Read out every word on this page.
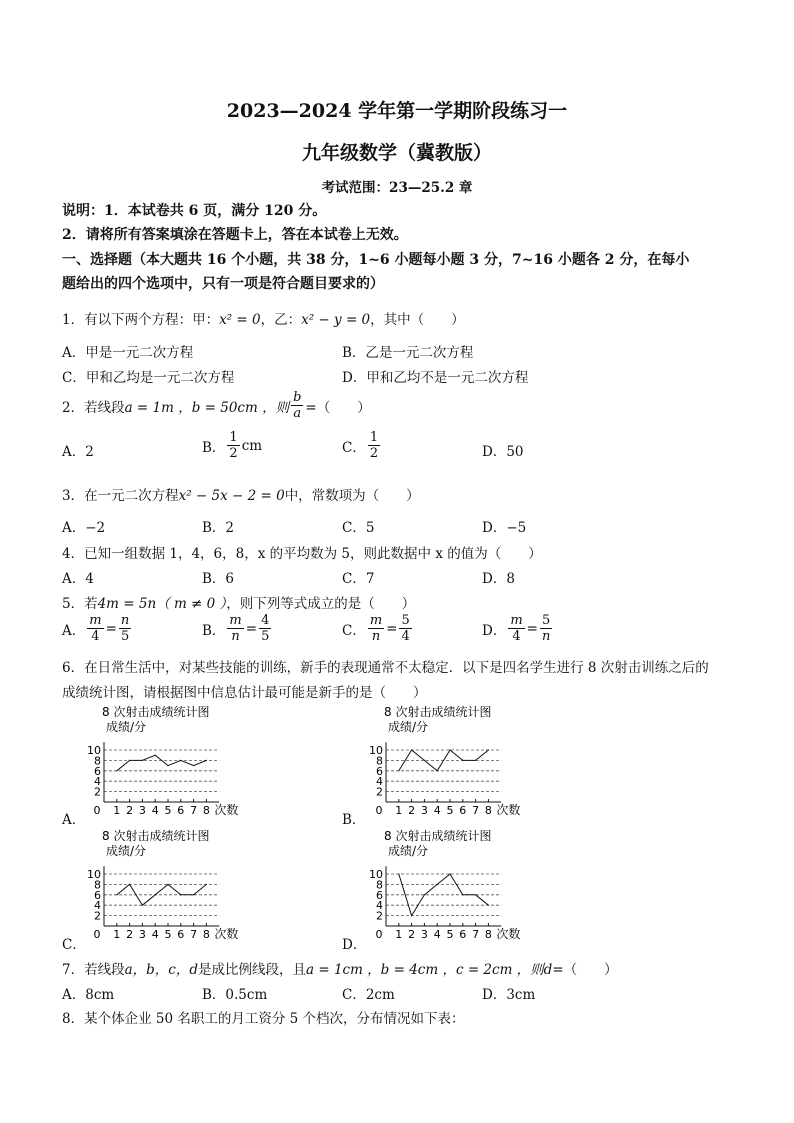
2023—2024 学年第一学期阶段练习一
九年级数学（冀教版）
考试范围：23—25.2 章
说明：1．本试卷共 6 页，满分 120 分。
2．请将所有答案填涂在答题卡上，答在本试卷上无效。
一、选择题（本大题共 16 个小题，共 38 分，1~6 小题每小题 3 分，7~16 小题各 2 分，在每小
题给出的四个选项中，只有一项是符合题目要求的）
1．有以下两个方程：甲：x² = 0，乙：x² − y = 0，其中（　　）
A．甲是一元二次方程	B．乙是一元二次方程
C．甲和乙均是一元二次方程	D．甲和乙均不是一元二次方程
2．若线段 a = 1m ，b = 50cm ，则 $\frac{b}{a}$ =（　　）
A．2	B． $\frac{1}{2}$ cm	C． $\frac{1}{2}$	D．50
3．在一元二次方程x² − 5x − 2 = 0中，常数项为（　　）
A．−2	B．2	C．5	D．−5
4．已知一组数据 1，4，6，8，x 的平均数为 5，则此数据中 x 的值为（　　）
A．4	B．6	C．7	D．8
5．若4m = 5n（ m ≠ 0 ），则下列等式成立的是（　　）
A． $\frac{m}{4} = \frac{n}{5}$	B． $\frac{m}{n} = \frac{4}{5}$	C． $\frac{m}{n} = \frac{5}{4}$	D． $\frac{m}{4} = \frac{5}{n}$
6．在日常生活中，对某些技能的训练，新手的表现通常不太稳定．以下是四名学生进行 8 次射击训练之后的
成绩统计图，请根据图中信息估计最可能是新手的是（　　）
A．	B．
C．	D．
8 次射击成绩统计图
成绩/分
2
4
6
8
10
0 1 2 3 4 5 6 7 8 次数
8 次射击成绩统计图
成绩/分
2
4
6
8
10
0 1 2 3 4 5 6 7 8 次数
8 次射击成绩统计图
成绩/分
2
4
6
8
10
0 1 2 3 4 5 6 7 8 次数
8 次射击成绩统计图
成绩/分
2
4
6
8
10
0 1 2 3 4 5 6 7 8 次数
7．若线段a，b，c，d是成比例线段，且a = 1cm ，b = 4cm ，c = 2cm ，则d=（　　）
A．8cm	B．0.5cm	C．2cm	D．3cm
8．某个体企业 50 名职工的月工资分 5 个档次，分布情况如下表：
